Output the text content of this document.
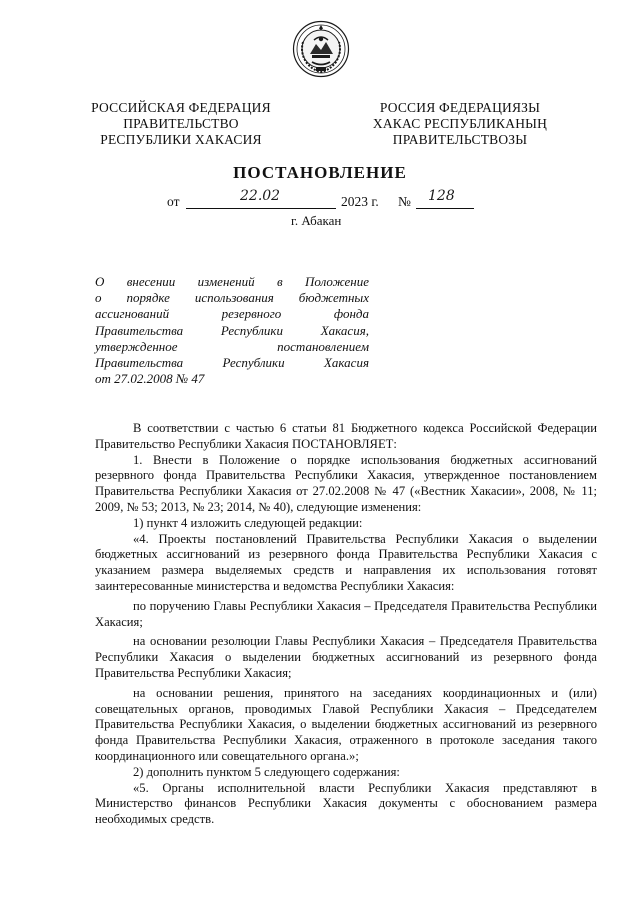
РОССИЙСКАЯ ФЕДЕРАЦИЯ
ПРАВИТЕЛЬСТВО
РЕСПУБЛИКИ ХАКАСИЯ
РОССИЯ ФЕДЕРАЦИЯЗЫ
ХАКАС РЕСПУБЛИКАНЫҢ
ПРАВИТЕЛЬСТВОЗЫ
ПОСТАНОВЛЕНИЕ
от	22.02	2023 г. № 128
г. Абакан
О внесении изменений в Положение
о порядке использования бюджетных
ассигнований резервного фонда
Правительства Республики Хакасия,
утвержденное постановлением
Правительства Республики Хакасия
от 27.02.2008 № 47

В соответствии с частью 6 статьи 81 Бюджетного кодекса Российской Федерации Правительство Республики Хакасия ПОСТАНОВЛЯЕТ:

1. Внести в Положение о порядке использования бюджетных ассигнований резервного фонда Правительства Республики Хакасия, утвержденное постановлением Правительства Республики Хакасия от 27.02.2008 № 47 («Вестник Хакасии», 2008, № 11; 2009, № 53; 2013, № 23; 2014, № 40), следующие изменения:

1) пункт 4 изложить следующей редакции:

«4. Проекты постановлений Правительства Республики Хакасия о выделении бюджетных ассигнований из резервного фонда Правительства Республики Хакасия с указанием размера выделяемых средств и направления их использования готовят заинтересованные министерства и ведомства Республики Хакасия:

по поручению Главы Республики Хакасия – Председателя Правительства Республики Хакасия;

на основании резолюции Главы Республики Хакасия – Председателя Правительства Республики Хакасия о выделении бюджетных ассигнований из резервного фонда Правительства Республики Хакасия;

на основании решения, принятого на заседаниях координационных и (или) совещательных органов, проводимых Главой Республики Хакасия – Председателем Правительства Республики Хакасия, о выделении бюджетных ассигнований из резервного фонда Правительства Республики Хакасия, отраженного в протоколе заседания такого координационного или совещательного органа.»;

2) дополнить пунктом 5 следующего содержания:

«5. Органы исполнительной власти Республики Хакасия представляют в Министерство финансов Республики Хакасия документы с обоснованием размера необходимых средств.
